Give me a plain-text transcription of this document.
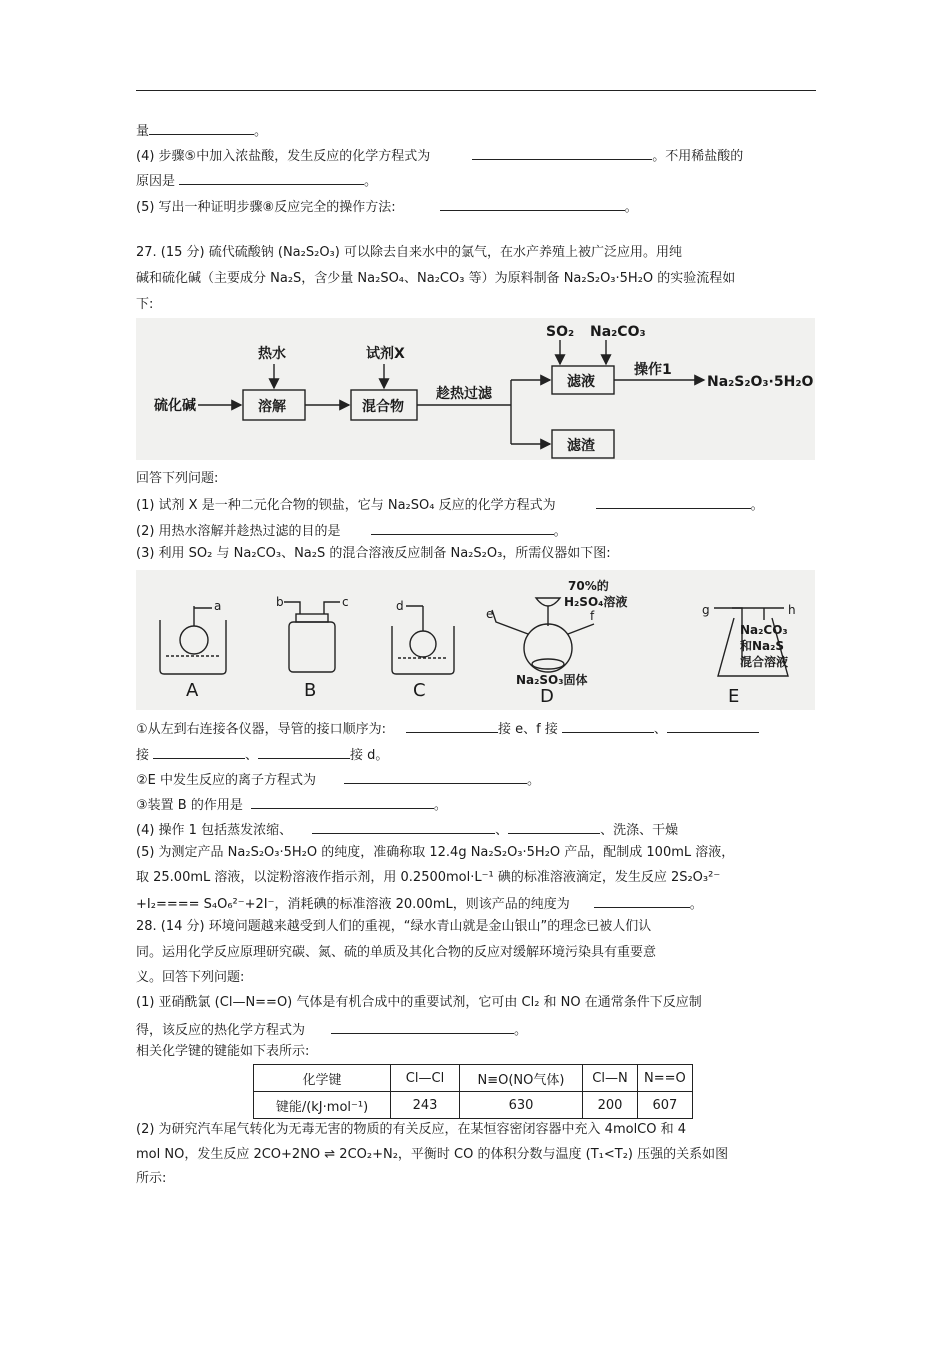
量	。
(4) 步骤⑤中加入浓盐酸，发生反应的化学方程式为	。不用稀盐酸的
原因是	。
(5) 写出一种证明步骤⑧反应完全的操作方法:	。
27. (15 分) 硫代硫酸钠 (Na₂S₂O₃) 可以除去自来水中的氯气，在水产养殖上被广泛应用。用纯
碱和硫化碱（主要成分 Na₂S，含少量 Na₂SO₄、Na₂CO₃ 等）为原料制备 Na₂S₂O₃·5H₂O 的实验流程如
下:
硫化碱
热水
溶解
试剂X
混合物
趁热过滤
SO₂ Na₂CO₃
滤液
操作1
Na₂S₂O₃·5H₂O
滤渣
回答下列问题:
(1) 试剂 X 是一种二元化合物的钡盐，它与 Na₂SO₄ 反应的化学方程式为	。
(2) 用热水溶解并趁热过滤的目的是	。
(3) 利用 SO₂ 与 Na₂CO₃、Na₂S 的混合溶液反应制备 Na₂S₂O₃，所需仪器如下图:
a	b	c	d
e	f	g	h
70%的
H₂SO₄溶液
Na₂SO₃固体
Na₂CO₃
和Na₂S
混合溶液
A	B	C	D	E
①从左到右连接各仪器，导管的接口顺序为:	接 e、f 接	、
接	、	接 d。
②E 中发生反应的离子方程式为	。
③装置 B 的作用是	。
(4) 操作 1 包括蒸发浓缩、	、	、洗涤、干燥
(5) 为测定产品 Na₂S₂O₃·5H₂O 的纯度，准确称取 12.4g Na₂S₂O₃·5H₂O 产品，配制成 100mL 溶液，
取 25.00mL 溶液，以淀粉溶液作指示剂，用 0.2500mol·L⁻¹ 碘的标准溶液滴定，发生反应 2S₂O₃²⁻
+I₂==== S₄O₆²⁻+2I⁻，消耗碘的标准溶液 20.00mL，则该产品的纯度为	。
28. (14 分) 环境问题越来越受到人们的重视，“绿水青山就是金山银山”的理念已被人们认
同。运用化学反应原理研究碳、氮、硫的单质及其化合物的反应对缓解环境污染具有重要意
义。回答下列问题:
(1) 亚硝酰氯 (Cl—N==O) 气体是有机合成中的重要试剂，它可由 Cl₂ 和 NO 在通常条件下反应制
得，该反应的热化学方程式为	。
相关化学键的键能如下表所示:
化学键	Cl—Cl	N≡O(NO气体)	Cl—N	N==O
键能/(kJ·mol⁻¹)	243	630	200	607
(2) 为研究汽车尾气转化为无毒无害的物质的有关反应，在某恒容密闭容器中充入 4molCO 和 4
mol NO，发生反应 2CO+2NO ⇌ 2CO₂+N₂，平衡时 CO 的体积分数与温度 (T₁<T₂) 压强的关系如图
所示:
